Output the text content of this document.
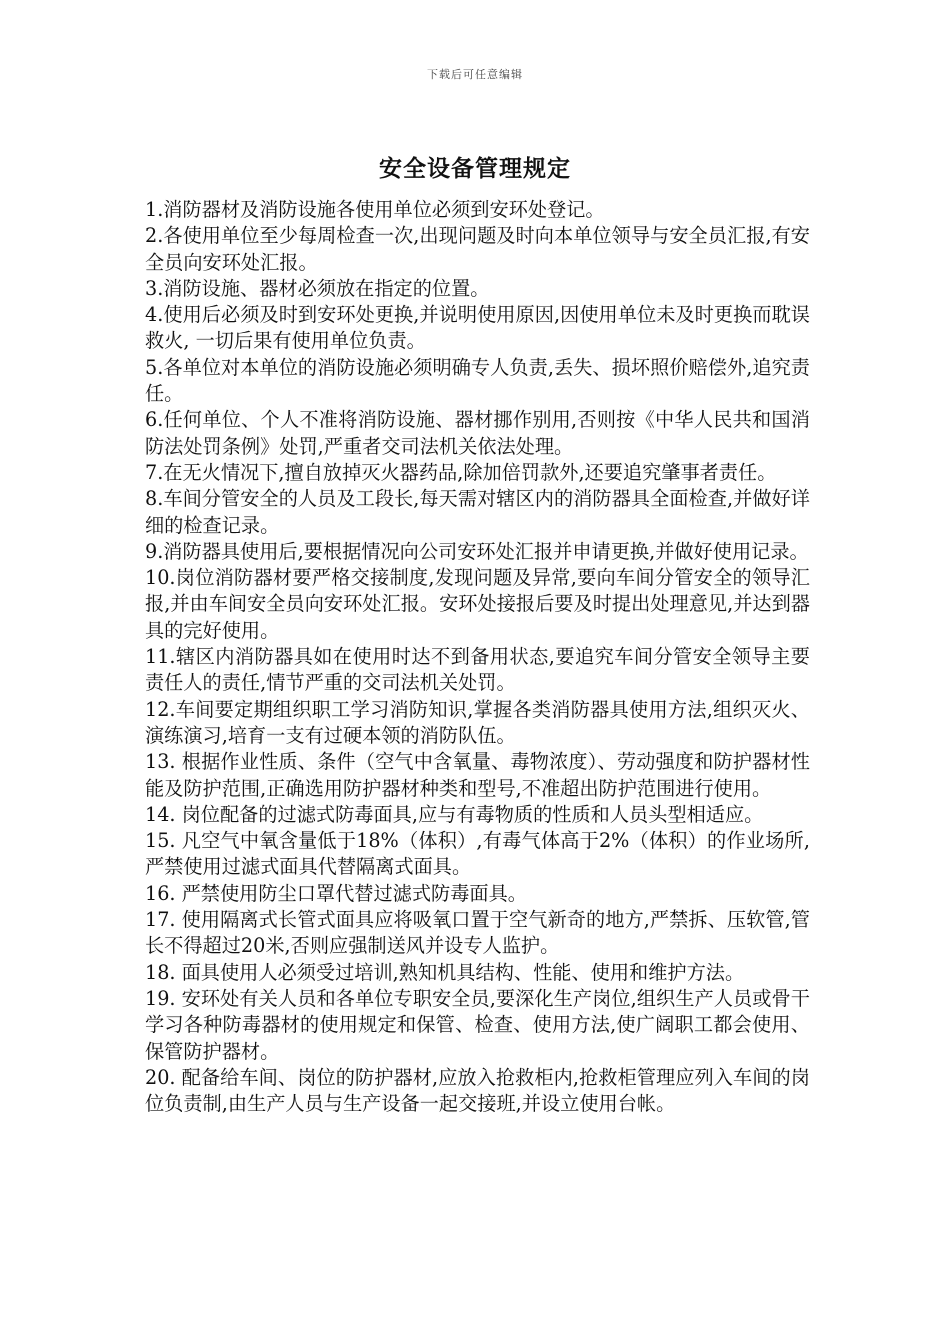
下载后可任意编辑
安全设备管理规定

1.消防器材及消防设施各使用单位必须到安环处登记。

2.各使用单位至少每周检查一次,出现问题及时向本单位领导与安全员汇报,有安全员向安环处汇报。

3.消防设施、器材必须放在指定的位置。

4.使用后必须及时到安环处更换,并说明使用原因,因使用单位未及时更换而耽误救火, 一切后果有使用单位负责。

5.各单位对本单位的消防设施必须明确专人负责,丢失、损坏照价赔偿外,追究责任。

6.任何单位、个人不准将消防设施、器材挪作别用,否则按《中华人民共和国消防法处罚条例》处罚,严重者交司法机关依法处理。

7.在无火情况下,擅自放掉灭火器药品,除加倍罚款外,还要追究肇事者责任。

8.车间分管安全的人员及工段长,每天需对辖区内的消防器具全面检查,并做好详细的检查记录。

9.消防器具使用后,要根据情况向公司安环处汇报并申请更换,并做好使用记录。

10.岗位消防器材要严格交接制度,发现问题及异常,要向车间分管安全的领导汇报,并由车间安全员向安环处汇报。安环处接报后要及时提出处理意见,并达到器具的完好使用。

11.辖区内消防器具如在使用时达不到备用状态,要追究车间分管安全领导主要责任人的责任,情节严重的交司法机关处罚。

12.车间要定期组织职工学习消防知识,掌握各类消防器具使用方法,组织灭火、演练演习,培育一支有过硬本领的消防队伍。

13. 根据作业性质、条件（空气中含氧量、毒物浓度）、劳动强度和防护器材性能及防护范围,正确选用防护器材种类和型号,不准超出防护范围进行使用。

14. 岗位配备的过滤式防毒面具,应与有毒物质的性质和人员头型相适应。

15. 凡空气中氧含量低于18%（体积）,有毒气体高于2%（体积）的作业场所,严禁使用过滤式面具代替隔离式面具。

16. 严禁使用防尘口罩代替过滤式防毒面具。

17. 使用隔离式长管式面具应将吸氧口置于空气新奇的地方,严禁拆、压软管,管长不得超过20米,否则应强制送风并设专人监护。

18. 面具使用人必须受过培训,熟知机具结构、性能、使用和维护方法。

19. 安环处有关人员和各单位专职安全员,要深化生产岗位,组织生产人员或骨干学习各种防毒器材的使用规定和保管、检查、使用方法,使广阔职工都会使用、保管防护器材。

20. 配备给车间、岗位的防护器材,应放入抢救柜内,抢救柜管理应列入车间的岗位负责制,由生产人员与生产设备一起交接班,并设立使用台帐。
